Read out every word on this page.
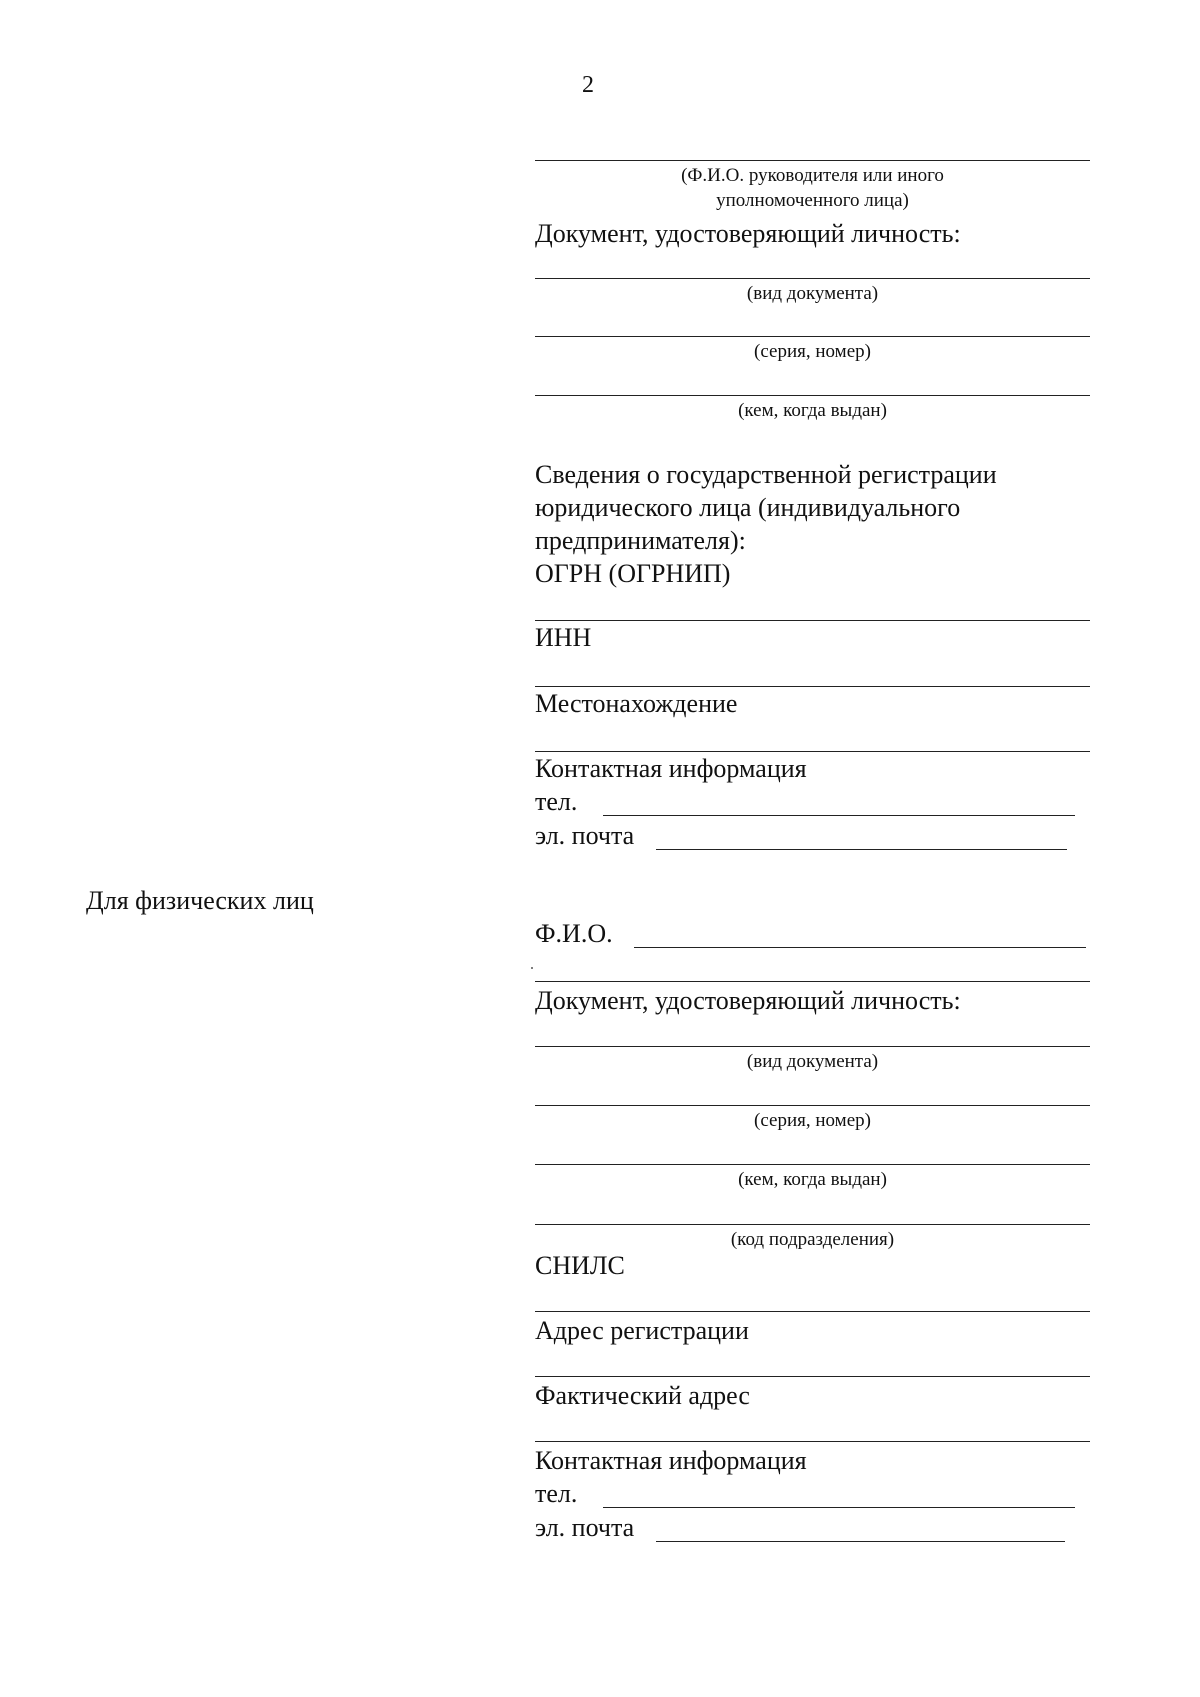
2
(Ф.И.О. руководителя или иного
уполномоченного лица)
Документ, удостоверяющий личность:
(вид документа)
(серия, номер)
(кем, когда выдан)
Сведения о государственной регистрации
юридического лица (индивидуального
предпринимателя):
ОГРН (ОГРНИП)
ИНН
Местонахождение
Контактная информация
тел.
эл. почта
Для физических лиц
Ф.И.О.
Документ, удостоверяющий личность:
(вид документа)
(серия, номер)
(кем, когда выдан)
(код подразделения)
СНИЛС
Адрес регистрации
Фактический адрес
Контактная информация
тел.
эл. почта
